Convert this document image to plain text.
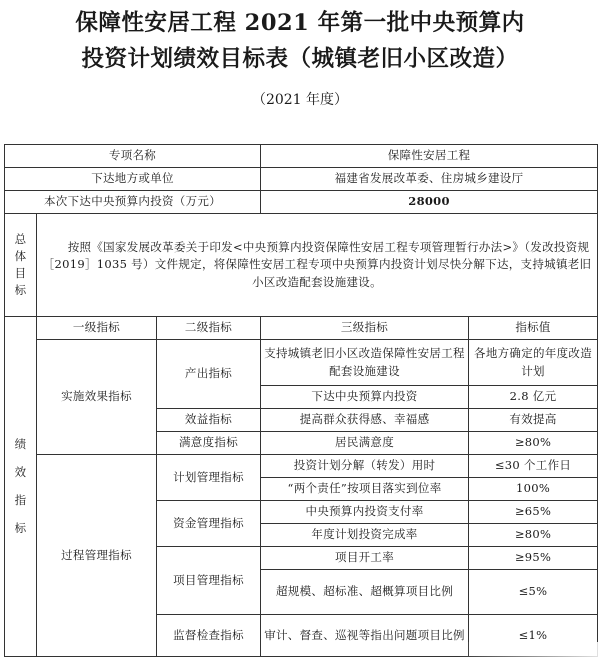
保障性安居工程 2021 年第一批中央预算内
投资计划绩效目标表（城镇老旧小区改造）
（2021 年度）
专项名称			保障性安居工程	
下达地方或单位			福建省发展改革委、住房城乡建设厅	
本次下达中央预算内投资（万元）			28000	

总
体
目
标	按照《国家发展改革委关于印发<中央预算内投资保障性安居工程专项管理暂行办法>》（发改投资规［2019］1035 号）文件规定，将保障性安居工程专项中央预算内投资计划尽快分解下达，支持城镇老旧小区改造配套设施建设。			

绩
效
指
标	一级指标	二级指标	三级指标	指标值
	实施效果指标	产出指标	支持城镇老旧小区改造保障性安居工程配套设施建设	各地方确定的年度改造计划
			下达中央预算内投资	2.8 亿元
		效益指标	提高群众获得感、幸福感	有效提高
		满意度指标	居民满意度	≥80%
	过程管理指标	计划管理指标	投资计划分解（转发）用时	≤30 个工作日
			“两个责任”按项目落实到位率	100%
		资金管理指标	中央预算内投资支付率	≥65%
			年度计划投资完成率	≥80%
		项目管理指标	项目开工率	≥95%
			超规模、超标准、超概算项目比例	≤5%
		监督检查指标	审计、督查、巡视等指出问题项目比例	≤1%
